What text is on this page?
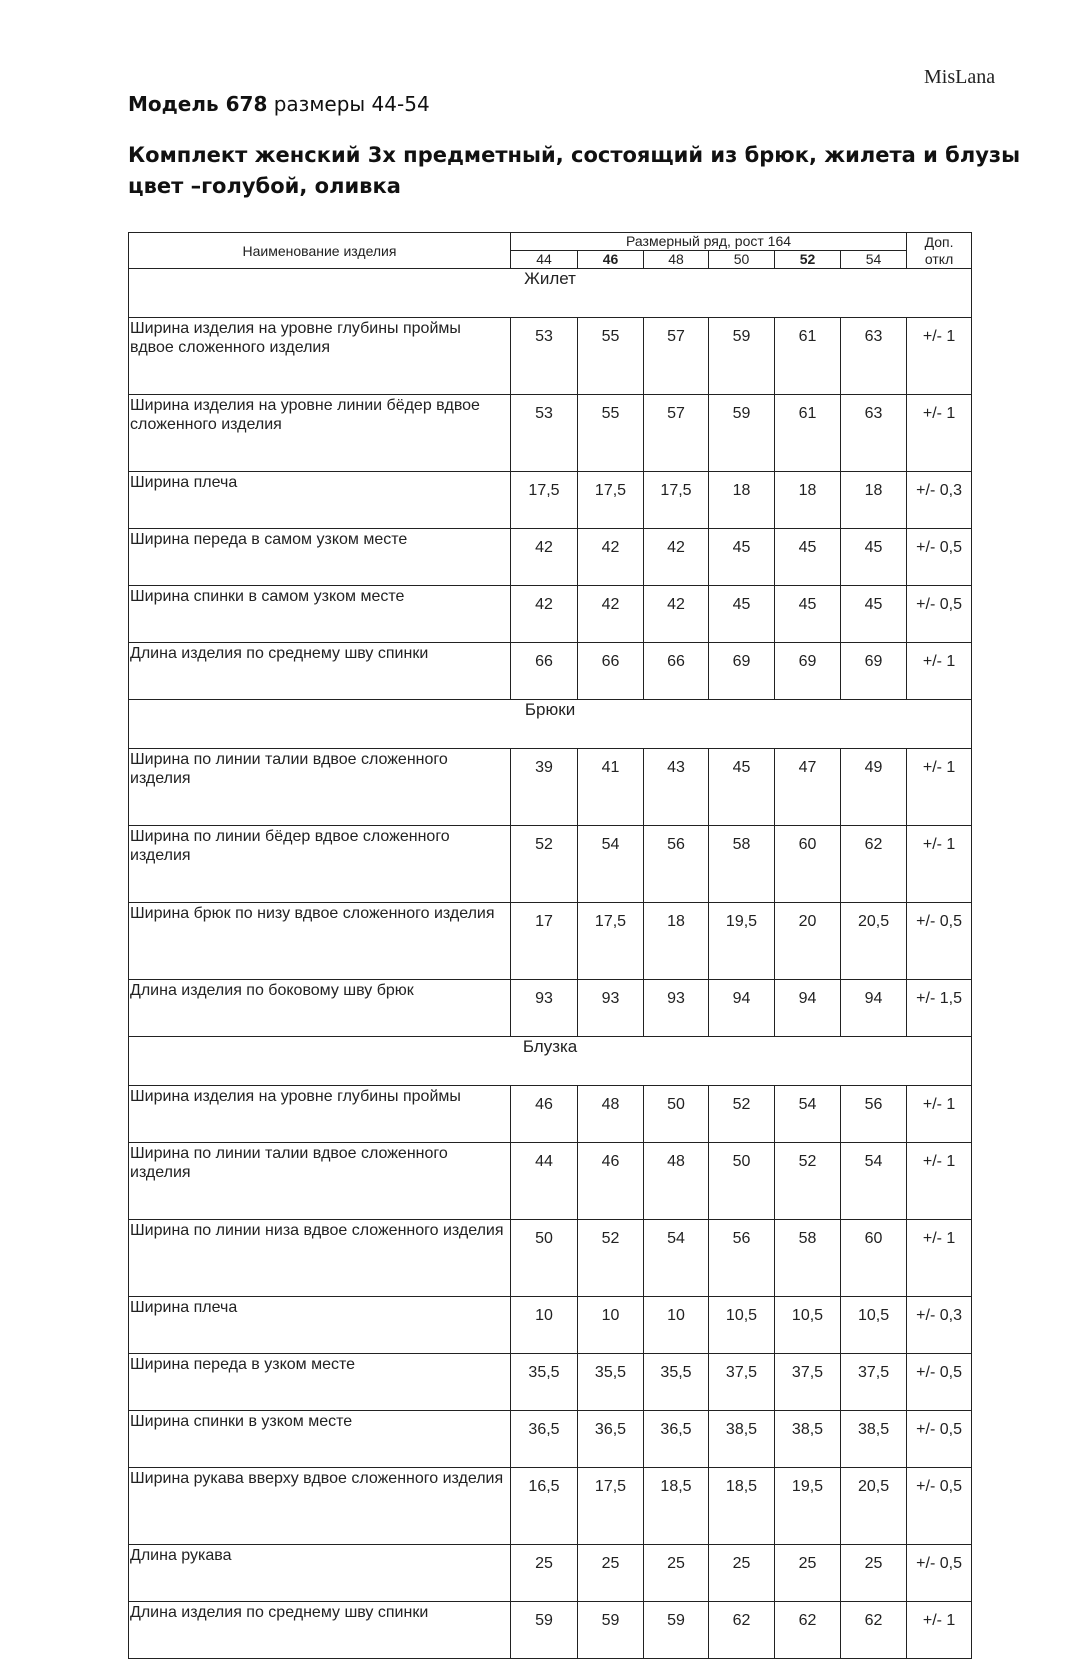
MisLana
Модель 678 размеры 44-54
Комплект женский 3х предметный, состоящий из брюк, жилета и блузы
цвет –голубой, оливка
Наименование изделия	Размерный ряд, рост 164						Доп.
откл

	44	46	48	50	52	54	
Жилет							
Ширина изделия на уровне глубины проймы вдвое сложенного изделия	53	55	57	59	61	63	+/- 1
Ширина изделия на уровне линии бёдер вдвое сложенного изделия	53	55	57	59	61	63	+/- 1
Ширина плеча	17,5	17,5	17,5	18	18	18	+/- 0,3
Ширина переда в самом узком месте	42	42	42	45	45	45	+/- 0,5
Ширина спинки в самом узком месте	42	42	42	45	45	45	+/- 0,5
Длина изделия по среднему шву спинки	66	66	66	69	69	69	+/- 1
Брюки							
Ширина по линии талии вдвое сложенного изделия	39	41	43	45	47	49	+/- 1
Ширина по линии бёдер вдвое сложенного изделия	52	54	56	58	60	62	+/- 1
Ширина брюк по низу вдвое сложенного изделия	17	17,5	18	19,5	20	20,5	+/- 0,5
Длина изделия по боковому шву брюк	93	93	93	94	94	94	+/- 1,5
Блузка							
Ширина изделия на уровне глубины проймы	46	48	50	52	54	56	+/- 1
Ширина по линии талии вдвое сложенного изделия	44	46	48	50	52	54	+/- 1
Ширина по линии низа вдвое сложенного изделия	50	52	54	56	58	60	+/- 1
Ширина плеча	10	10	10	10,5	10,5	10,5	+/- 0,3
Ширина переда в узком месте	35,5	35,5	35,5	37,5	37,5	37,5	+/- 0,5
Ширина спинки в узком месте	36,5	36,5	36,5	38,5	38,5	38,5	+/- 0,5
Ширина рукава вверху вдвое сложенного изделия	16,5	17,5	18,5	18,5	19,5	20,5	+/- 0,5
Длина рукава	25	25	25	25	25	25	+/- 0,5
Длина изделия по среднему шву спинки	59	59	59	62	62	62	+/- 1
